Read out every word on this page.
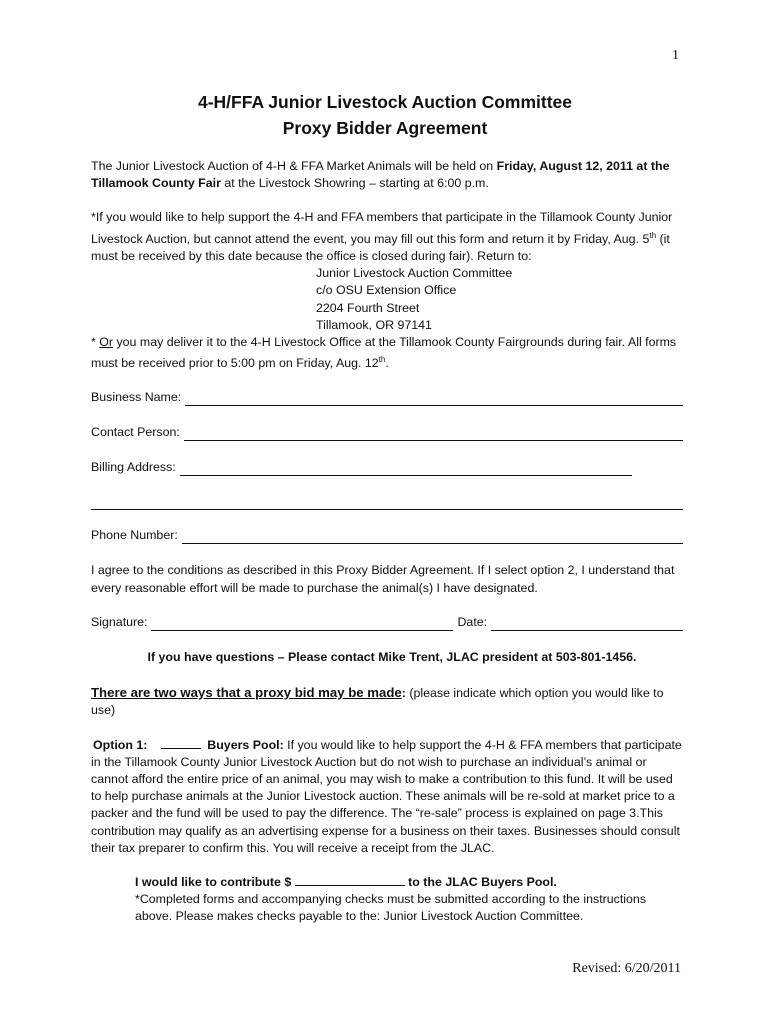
1
4-H/FFA Junior Livestock Auction Committee
Proxy Bidder Agreement

The Junior Livestock Auction of 4-H & FFA Market Animals will be held on Friday, August 12, 2011 at the Tillamook County Fair at the Livestock Showring – starting at 6:00 p.m.

*If you would like to help support the 4-H and FFA members that participate in the Tillamook County Junior Livestock Auction, but cannot attend the event, you may fill out this form and return it by Friday, Aug. 5th (it must be received by this date because the office is closed during fair). Return to:

Junior Livestock Auction Committee
c/o OSU Extension Office
2204 Fourth Street
Tillamook, OR 97141

* Or you may deliver it to the 4-H Livestock Office at the Tillamook County Fairgrounds during fair. All forms must be received prior to 5:00 pm on Friday, Aug. 12th.

Business Name:
Contact Person:
Billing Address:
Phone Number:

I agree to the conditions as described in this Proxy Bidder Agreement. If I select option 2, I understand that every reasonable effort will be made to purchase the animal(s) I have designated.

Signature:	Date:

If you have questions – Please contact Mike Trent, JLAC president at 503-801-1456.

There are two ways that a proxy bid may be made: (please indicate which option you would like to use)

Option 1:	Buyers Pool: If you would like to help support the 4-H & FFA members that participate in the Tillamook County Junior Livestock Auction but do not wish to purchase an individual’s animal or cannot afford the entire price of an animal, you may wish to make a contribution to this fund. It will be used to help purchase animals at the Junior Livestock auction. These animals will be re-sold at market price to a packer and the fund will be used to pay the difference. The “re-sale” process is explained on page 3.This contribution may qualify as an advertising expense for a business on their taxes. Businesses should consult their tax preparer to confirm this. You will receive a receipt from the JLAC.

I would like to contribute $	to the JLAC Buyers Pool.

*Completed forms and accompanying checks must be submitted according to the instructions above. Please makes checks payable to the: Junior Livestock Auction Committee.

Revised: 6/20/2011
